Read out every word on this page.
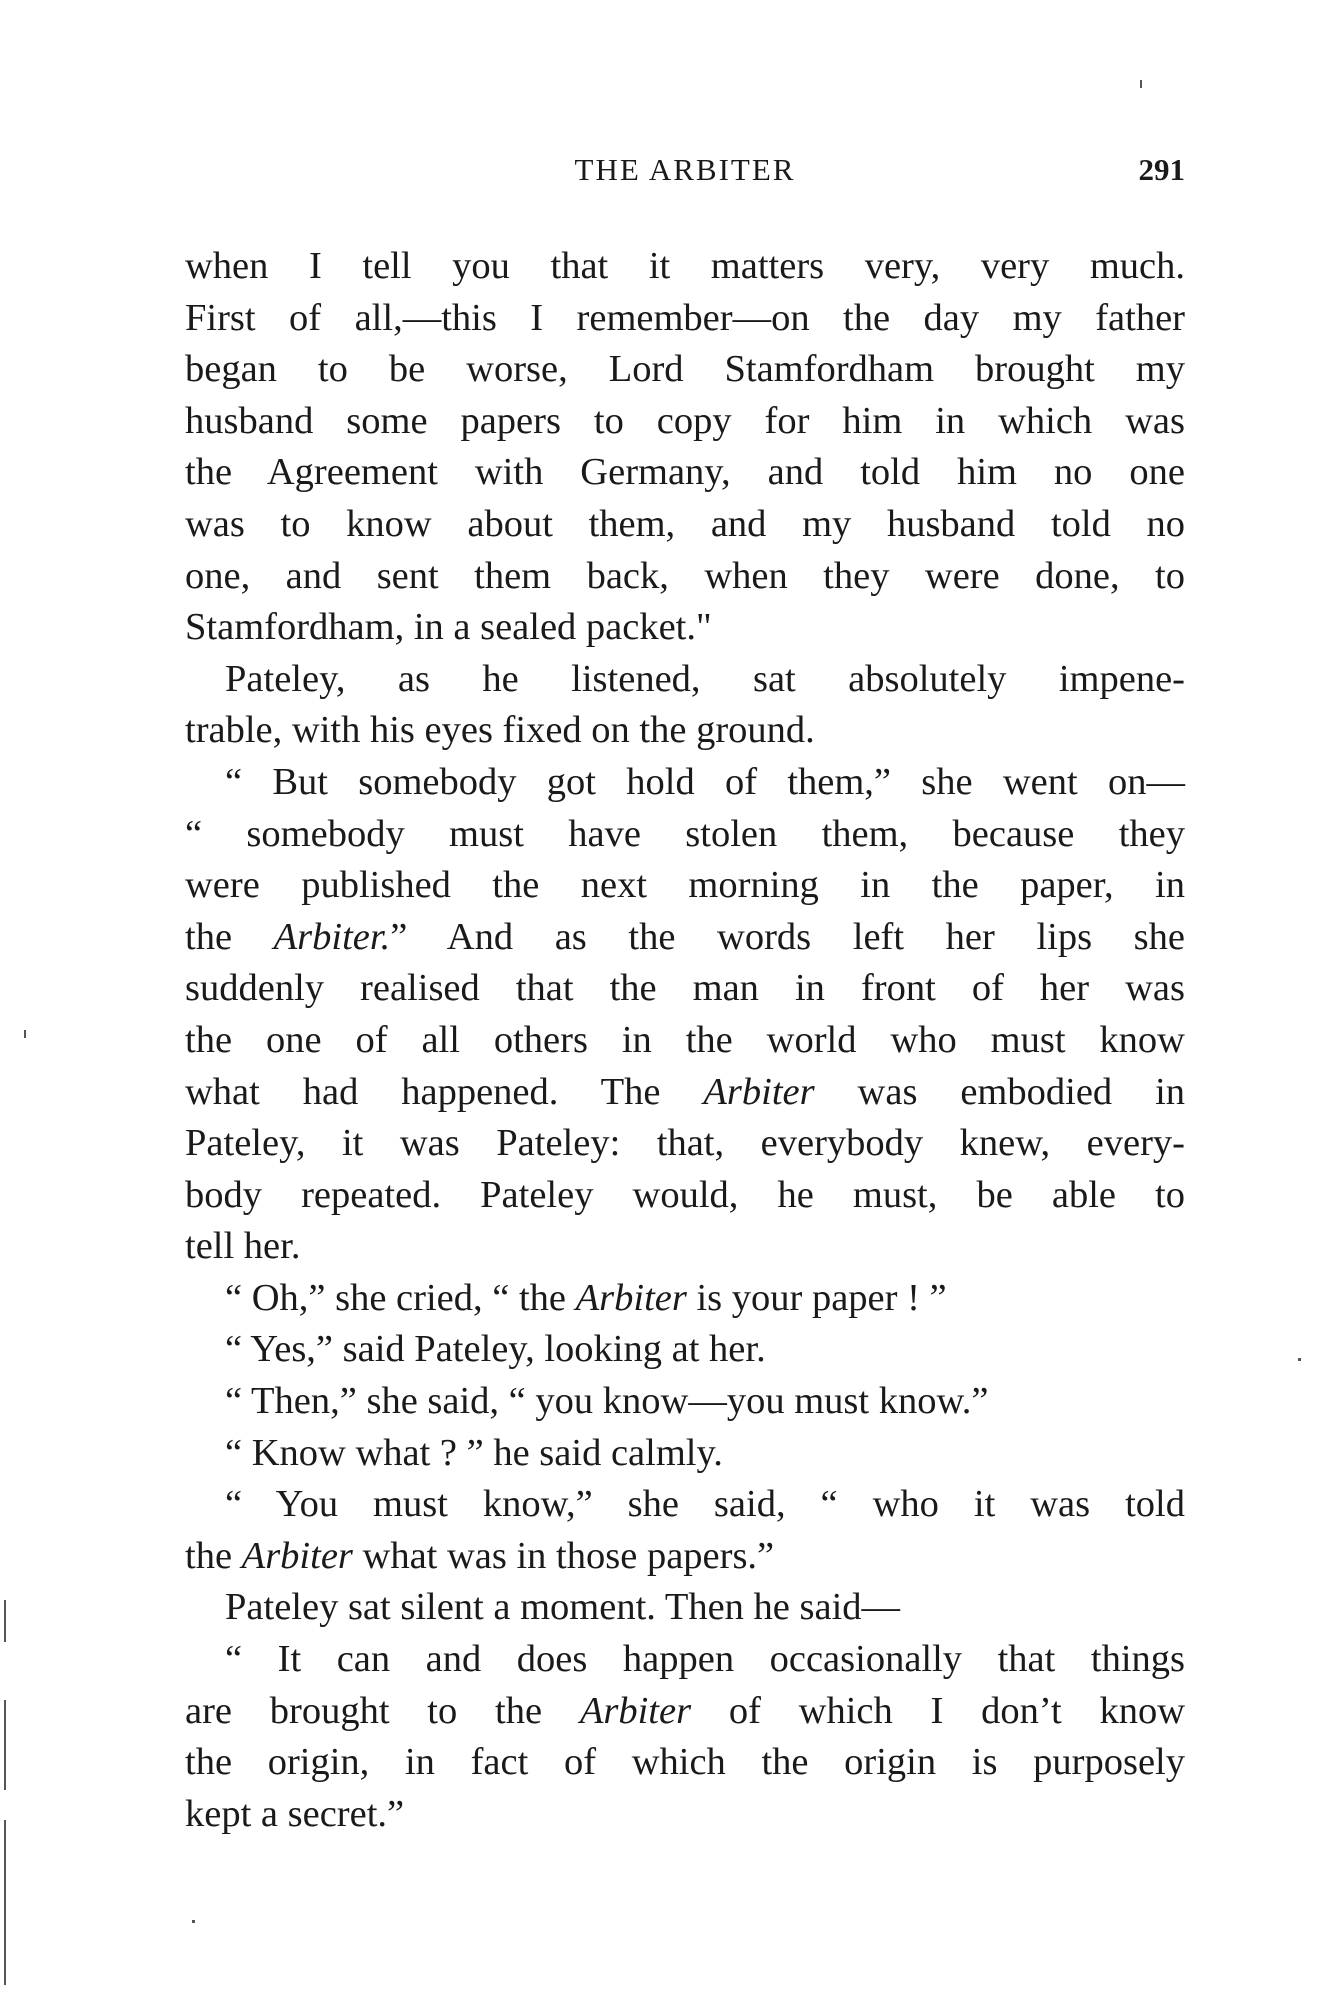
THE ARBITER	291

when I tell you that it matters very, very much.

First of all,—this I remember—on the day my father

began to be worse, Lord Stamfordham brought my

husband some papers to copy for him in which was

the Agreement with Germany, and told him no one

was to know about them, and my husband told no

one, and sent them back, when they were done, to

Stamfordham, in a sealed packet."

Pateley, as he listened, sat absolutely impene-

trable, with his eyes fixed on the ground.

“ But somebody got hold of them,” she went on—

“ somebody must have stolen them, because they

were published the next morning in the paper, in

the Arbiter.” And as the words left her lips she

suddenly realised that the man in front of her was

the one of all others in the world who must know

what had happened. The Arbiter was embodied in

Pateley, it was Pateley: that, everybody knew, every-

body repeated. Pateley would, he must, be able to

tell her.

“ Oh,” she cried, “ the Arbiter is your paper ! ”

“ Yes,” said Pateley, looking at her.

“ Then,” she said, “ you know—you must know.”

“ Know what ? ” he said calmly.

“ You must know,” she said, “ who it was told

the Arbiter what was in those papers.”

Pateley sat silent a moment. Then he said—

“ It can and does happen occasionally that things

are brought to the Arbiter of which I don’t know

the origin, in fact of which the origin is purposely

kept a secret.”
